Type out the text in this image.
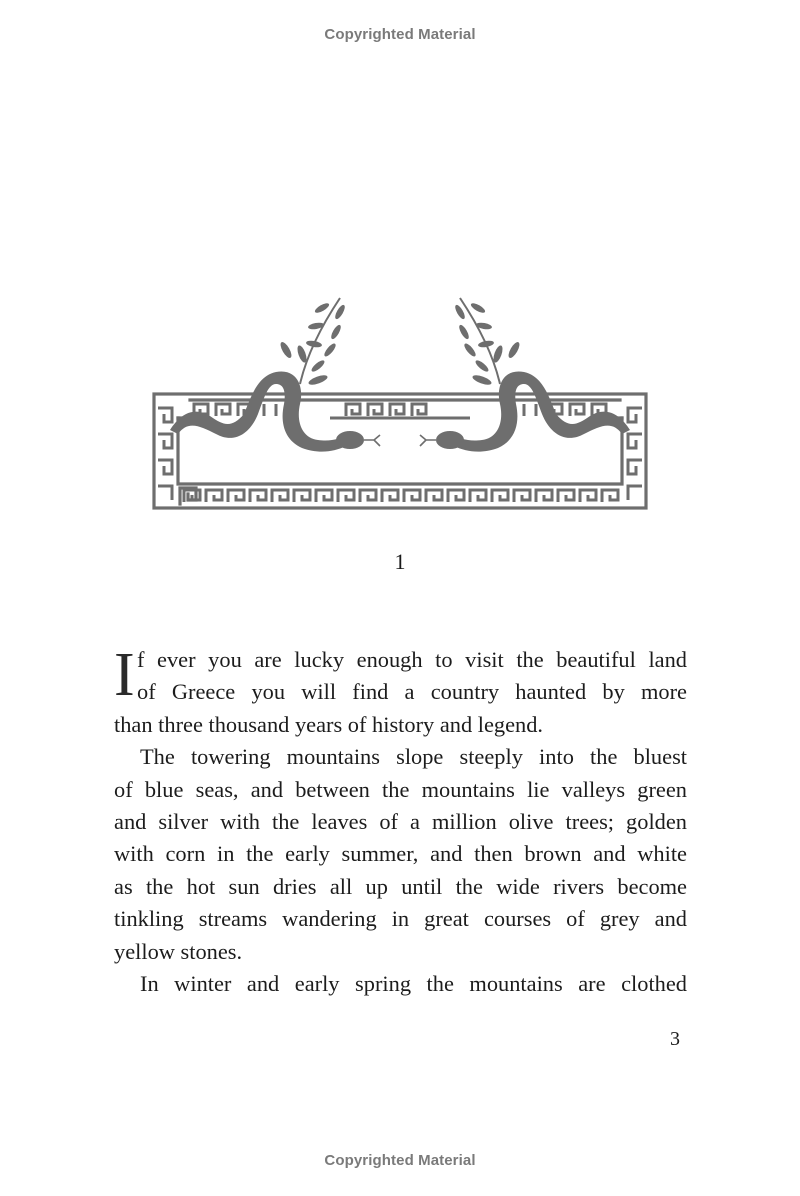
Copyrighted Material
1
I f ever you are lucky enough to visit the beautiful land
of Greece you will find a country haunted by more
than three thousand years of history and legend.
The towering mountains slope steeply into the bluest
of blue seas, and between the mountains lie valleys green
and silver with the leaves of a million olive trees; golden
with corn in the early summer, and then brown and white
as the hot sun dries all up until the wide rivers become
tinkling streams wandering in great courses of grey and
yellow stones.
In winter and early spring the mountains are clothed
3
Copyrighted Material
